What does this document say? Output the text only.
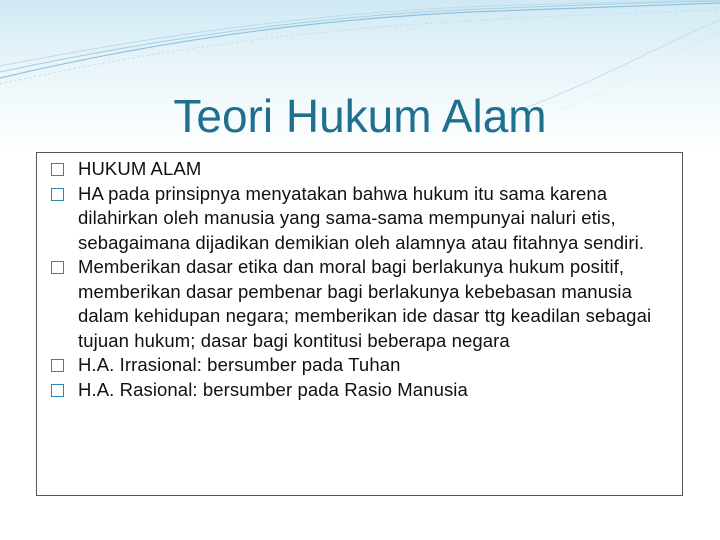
Teori Hukum Alam
HUKUM ALAM
HA pada prinsipnya menyatakan bahwa hukum itu sama karena dilahirkan oleh manusia yang sama-sama mempunyai naluri etis, sebagaimana dijadikan demikian oleh alamnya atau fitahnya sendiri.
Memberikan dasar etika dan moral bagi berlakunya hukum positif, memberikan dasar pembenar bagi berlakunya kebebasan manusia dalam kehidupan negara; memberikan ide dasar ttg keadilan sebagai tujuan hukum; dasar bagi kontitusi beberapa negara
H.A. Irrasional: bersumber pada Tuhan
H.A. Rasional: bersumber pada Rasio Manusia
